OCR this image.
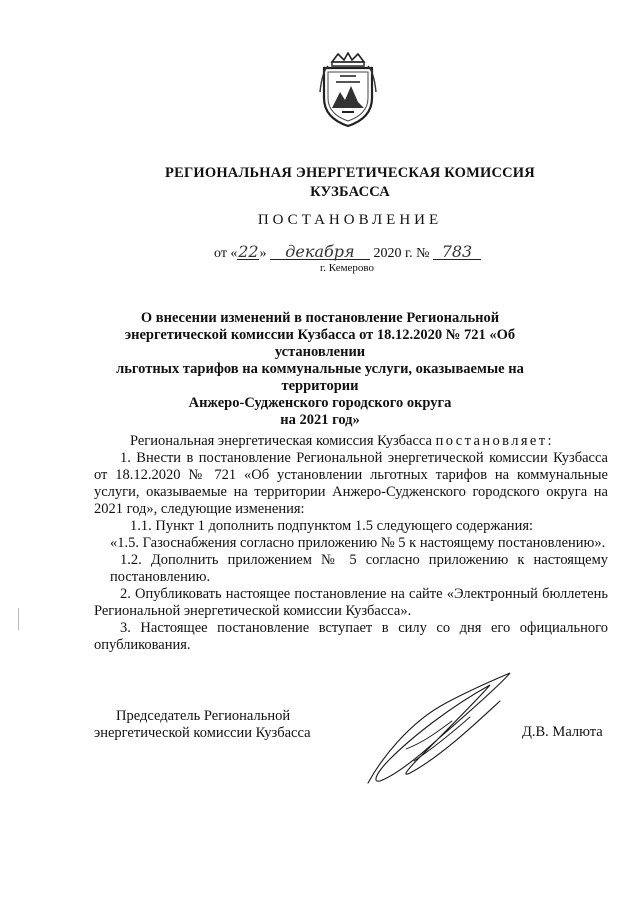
РЕГИОНАЛЬНАЯ ЭНЕРГЕТИЧЕСКАЯ КОМИССИЯ
КУЗБАССА
ПОСТАНОВЛЕНИЕ
от «22» декабря 2020 г. № 783
г. Кемерово
О внесении изменений в постановление Региональной
энергетической комиссии Кузбасса от 18.12.2020 № 721 «Об установлении
льготных тарифов на коммунальные услуги, оказываемые на территории
Анжеро-Судженского городского округа
на 2021 год»

Региональная энергетическая комиссия Кузбасса постановляет:

1. Внести в постановление Региональной энергетической комиссии Кузбасса от 18.12.2020 № 721 «Об установлении льготных тарифов на коммунальные услуги, оказываемые на территории Анжеро-Судженского городского округа на 2021 год», следующие изменения:

1.1. Пункт 1 дополнить подпунктом 1.5 следующего содержания:

«1.5. Газоснабжения согласно приложению № 5 к настоящему постановлению».

1.2. Дополнить приложением № 5 согласно приложению к настоящему постановлению.

2. Опубликовать настоящее постановление на сайте «Электронный бюллетень Региональной энергетической комиссии Кузбасса».

3. Настоящее постановление вступает в силу со дня его официального опубликования.

Председатель Региональной
энергетической комиссии Кузбасса	Д.В. Малюта
